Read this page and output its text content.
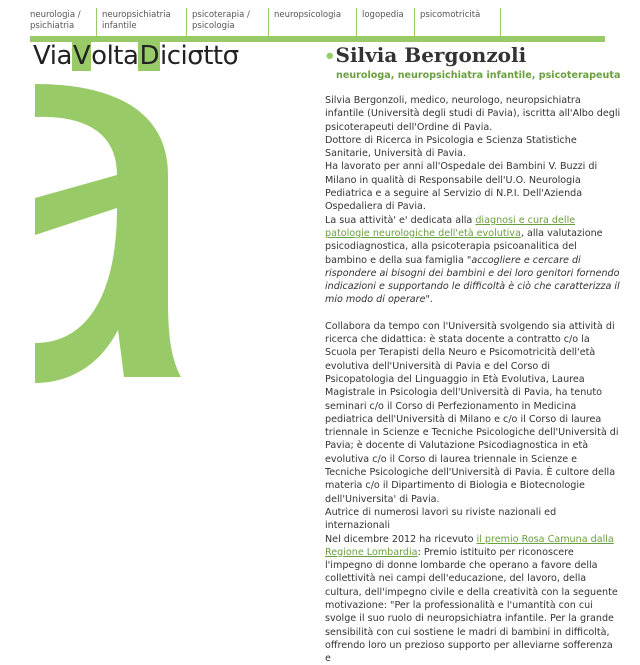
neurologia / psichiatria
neuropsichiatria infantile
psicoterapia / psicologia
neuropsicologia	logopedia	psicomotricità
ViaVoltaDiciσttσ	•Silvia Bergonzoli
neurologa, neuropsichiatra infantile, psicoterapeuta

Silvia Bergonzoli, medico, neurologo, neuropsichiatra infantile (Università degli studi di Pavia), iscritta all'Albo degli psicoterapeuti dell'Ordine di Pavia.

Dottore di Ricerca in Psicologia e Scienza Statistiche Sanitarie, Università di Pavia.

Ha lavorato per anni all'Ospedale dei Bambini V. Buzzi di Milano in qualità di Responsabile dell'U.O. Neurologia Pediatrica e a seguire al Servizio di N.P.I. Dell'Azienda Ospedaliera di Pavia.

La sua attività' e' dedicata alla diagnosi e cura delle patologie neurologiche dell'età evolutiva, alla valutazione psicodiagnostica, alla psicoterapia psicoanalitica del bambino e della sua famiglia "accogliere e cercare di rispondere ai bisogni dei bambini e dei loro genitori fornendo indicazioni e supportando le difficoltà è ciò che caratterizza il mio modo di operare".

Collabora da tempo con l'Università svolgendo sia attività di ricerca che didattica: è stata docente a contratto c/o la Scuola per Terapisti della Neuro e Psicomotricità dell'età evolutiva dell'Università di Pavia e del Corso di Psicopatologia del Linguaggio in Età Evolutiva, Laurea Magistrale in Psicologia dell'Università di Pavia, ha tenuto seminari c/o il Corso di Perfezionamento in Medicina pediatrica dell'Università di Milano e c/o il Corso di laurea triennale in Scienze e Tecniche Psicologiche dell'Università di Pavia; è docente di Valutazione Psicodiagnostica in età evolutiva c/o il Corso di laurea triennale in Scienze e Tecniche Psicologiche dell'Università di Pavia. È cultore della materia c/o il Dipartimento di Biologia e Biotecnologie dell'Universita' di Pavia.

Autrice di numerosi lavori su riviste nazionali ed internazionali

Nel dicembre 2012 ha ricevuto il premio Rosa Camuna dalla Regione Lombardia: Premio istituito per riconoscere l'impegno di donne lombarde che operano a favore della collettività nei campi dell'educazione, del lavoro, della cultura, dell'impegno civile e della creatività con la seguente motivazione: "Per la professionalità e l'umantità con cui svolge il suo ruolo di neuropsichiatra infantile. Per la grande sensibilità con cui sostiene le madri di bambini in difficoltà, offrendo loro un prezioso supporto per alleviarne sofferenza e
